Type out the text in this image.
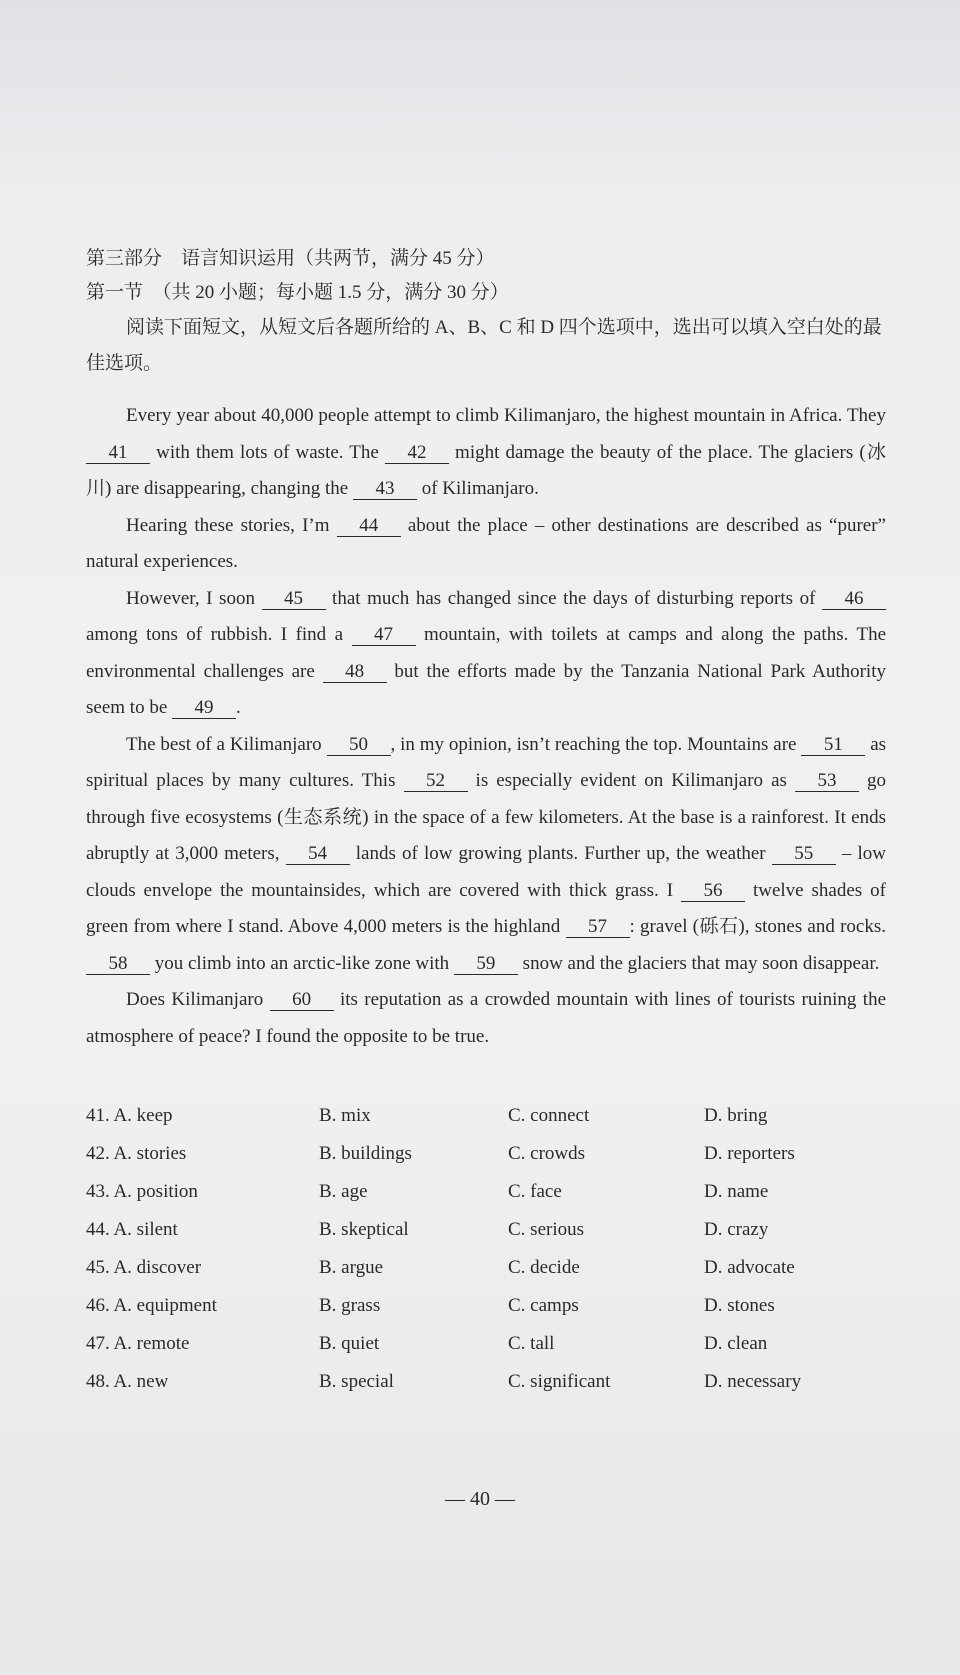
第三部分　语言知识运用（共两节，满分 45 分）
第一节　（共 20 小题；每小题 1.5 分，满分 30 分）

阅读下面短文，从短文后各题所给的 A、B、C 和 D 四个选项中，选出可以填入空白处的最佳选项。

Every year about 40,000 people attempt to climb Kilimanjaro, the highest mountain in Africa. They 41 with them lots of waste. The 42 might damage the beauty of the place. The glaciers (冰川) are disappearing, changing the 43 of Kilimanjaro.

Hearing these stories, I’m 44 about the place – other destinations are described as “purer” natural experiences.

However, I soon 45 that much has changed since the days of disturbing reports of 46 among tons of rubbish. I find a 47 mountain, with toilets at camps and along the paths. The environmental challenges are 48 but the efforts made by the Tanzania National Park Authority seem to be 49 .

The best of a Kilimanjaro 50 , in my opinion, isn’t reaching the top. Mountains are 51 as spiritual places by many cultures. This 52 is especially evident on Kilimanjaro as 53 go through five ecosystems (生态系统) in the space of a few kilometers. At the base is a rainforest. It ends abruptly at 3,000 meters, 54 lands of low growing plants. Further up, the weather 55 – low clouds envelope the mountainsides, which are covered with thick grass. I 56 twelve shades of green from where I stand. Above 4,000 meters is the highland 57 : gravel (砾石), stones and rocks. 58 you climb into an arctic-like zone with 59 snow and the glaciers that may soon disappear.

Does Kilimanjaro 60 its reputation as a crowded mountain with lines of tourists ruining the atmosphere of peace? I found the opposite to be true.

41. A. keep	B. mix	C. connect	D. bring
42. A. stories	B. buildings	C. crowds	D. reporters
43. A. position	B. age	C. face	D. name
44. A. silent	B. skeptical	C. serious	D. crazy
45. A. discover	B. argue	C. decide	D. advocate
46. A. equipment	B. grass	C. camps	D. stones
47. A. remote	B. quiet	C. tall	D. clean
48. A. new	B. special	C. significant	D. necessary
— 40 —
